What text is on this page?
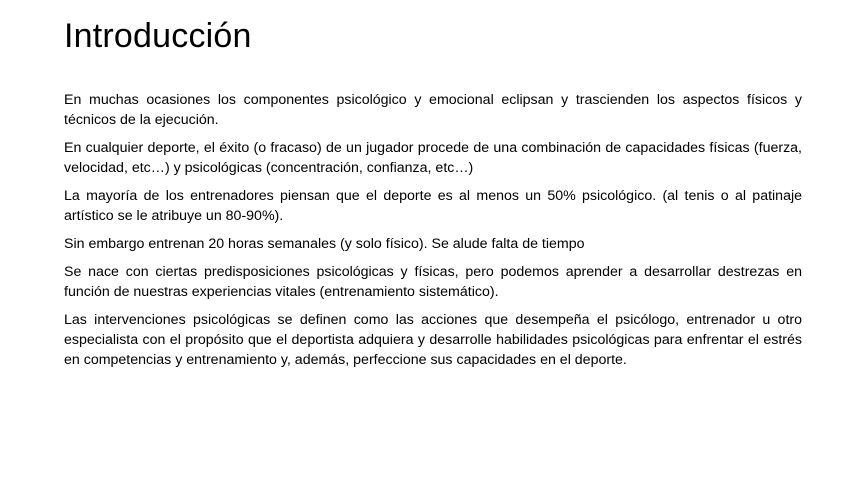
Introducción

En muchas ocasiones los componentes psicológico y emocional eclipsan y trascienden los aspectos físicos y técnicos de la ejecución.

En cualquier deporte, el éxito (o fracaso) de un jugador procede de una combinación de capacidades físicas (fuerza, velocidad, etc…) y psicológicas (concentración, confianza, etc…)

La mayoría de los entrenadores piensan que el deporte es al menos un 50% psicológico. (al tenis o al patinaje artístico se le atribuye un 80-90%).

Sin embargo entrenan 20 horas semanales (y solo físico). Se alude falta de tiempo

Se nace con ciertas predisposiciones psicológicas y físicas, pero podemos aprender a desarrollar destrezas en función de nuestras experiencias vitales (entrenamiento sistemático).

Las intervenciones psicológicas se definen como las acciones que desempeña el psicólogo, entrenador u otro especialista con el propósito que el deportista adquiera y desarrolle habilidades psicológicas para enfrentar el estrés en competencias y entrenamiento y, además, perfeccione sus capacidades en el deporte.
